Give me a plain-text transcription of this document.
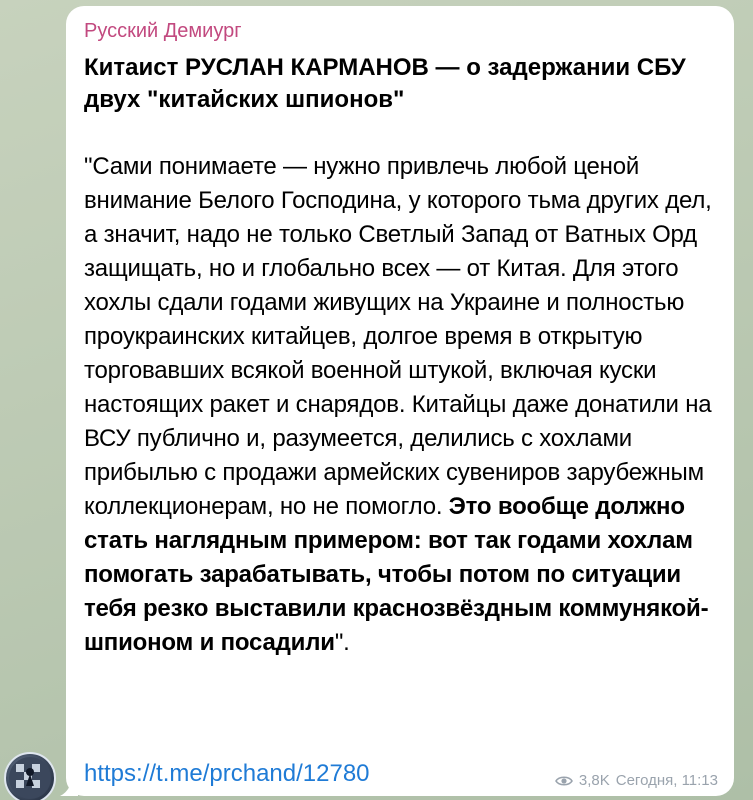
Русский Демиург

Китаист РУСЛАН КАРМАНОВ — о задержании СБУ двух "китайских шпионов"

"Сами понимаете — нужно привлечь любой ценой внимание Белого Господина, у которого тьма других дел, а значит, надо не только Светлый Запад от Ватных Орд защищать, но и глобально всех — от Китая. Для этого хохлы сдали годами живущих на Украине и полностью проукраинских китайцев, долгое время в открытую торговавших всякой военной штукой, включая куски настоящих ракет и снарядов. Китайцы даже донатили на ВСУ публично и, разумеется, делились с хохлами прибылью с продажи армейских сувениров зарубежным коллекционерам, но не помогло. Это вообще должно стать наглядным примером: вот так годами хохлам помогать зарабатывать, чтобы потом по ситуации тебя резко выставили краснозвёздным коммунякой-шпионом и посадили".

https://t.me/prchand/12780	3,8K Сегодня, 11:13
